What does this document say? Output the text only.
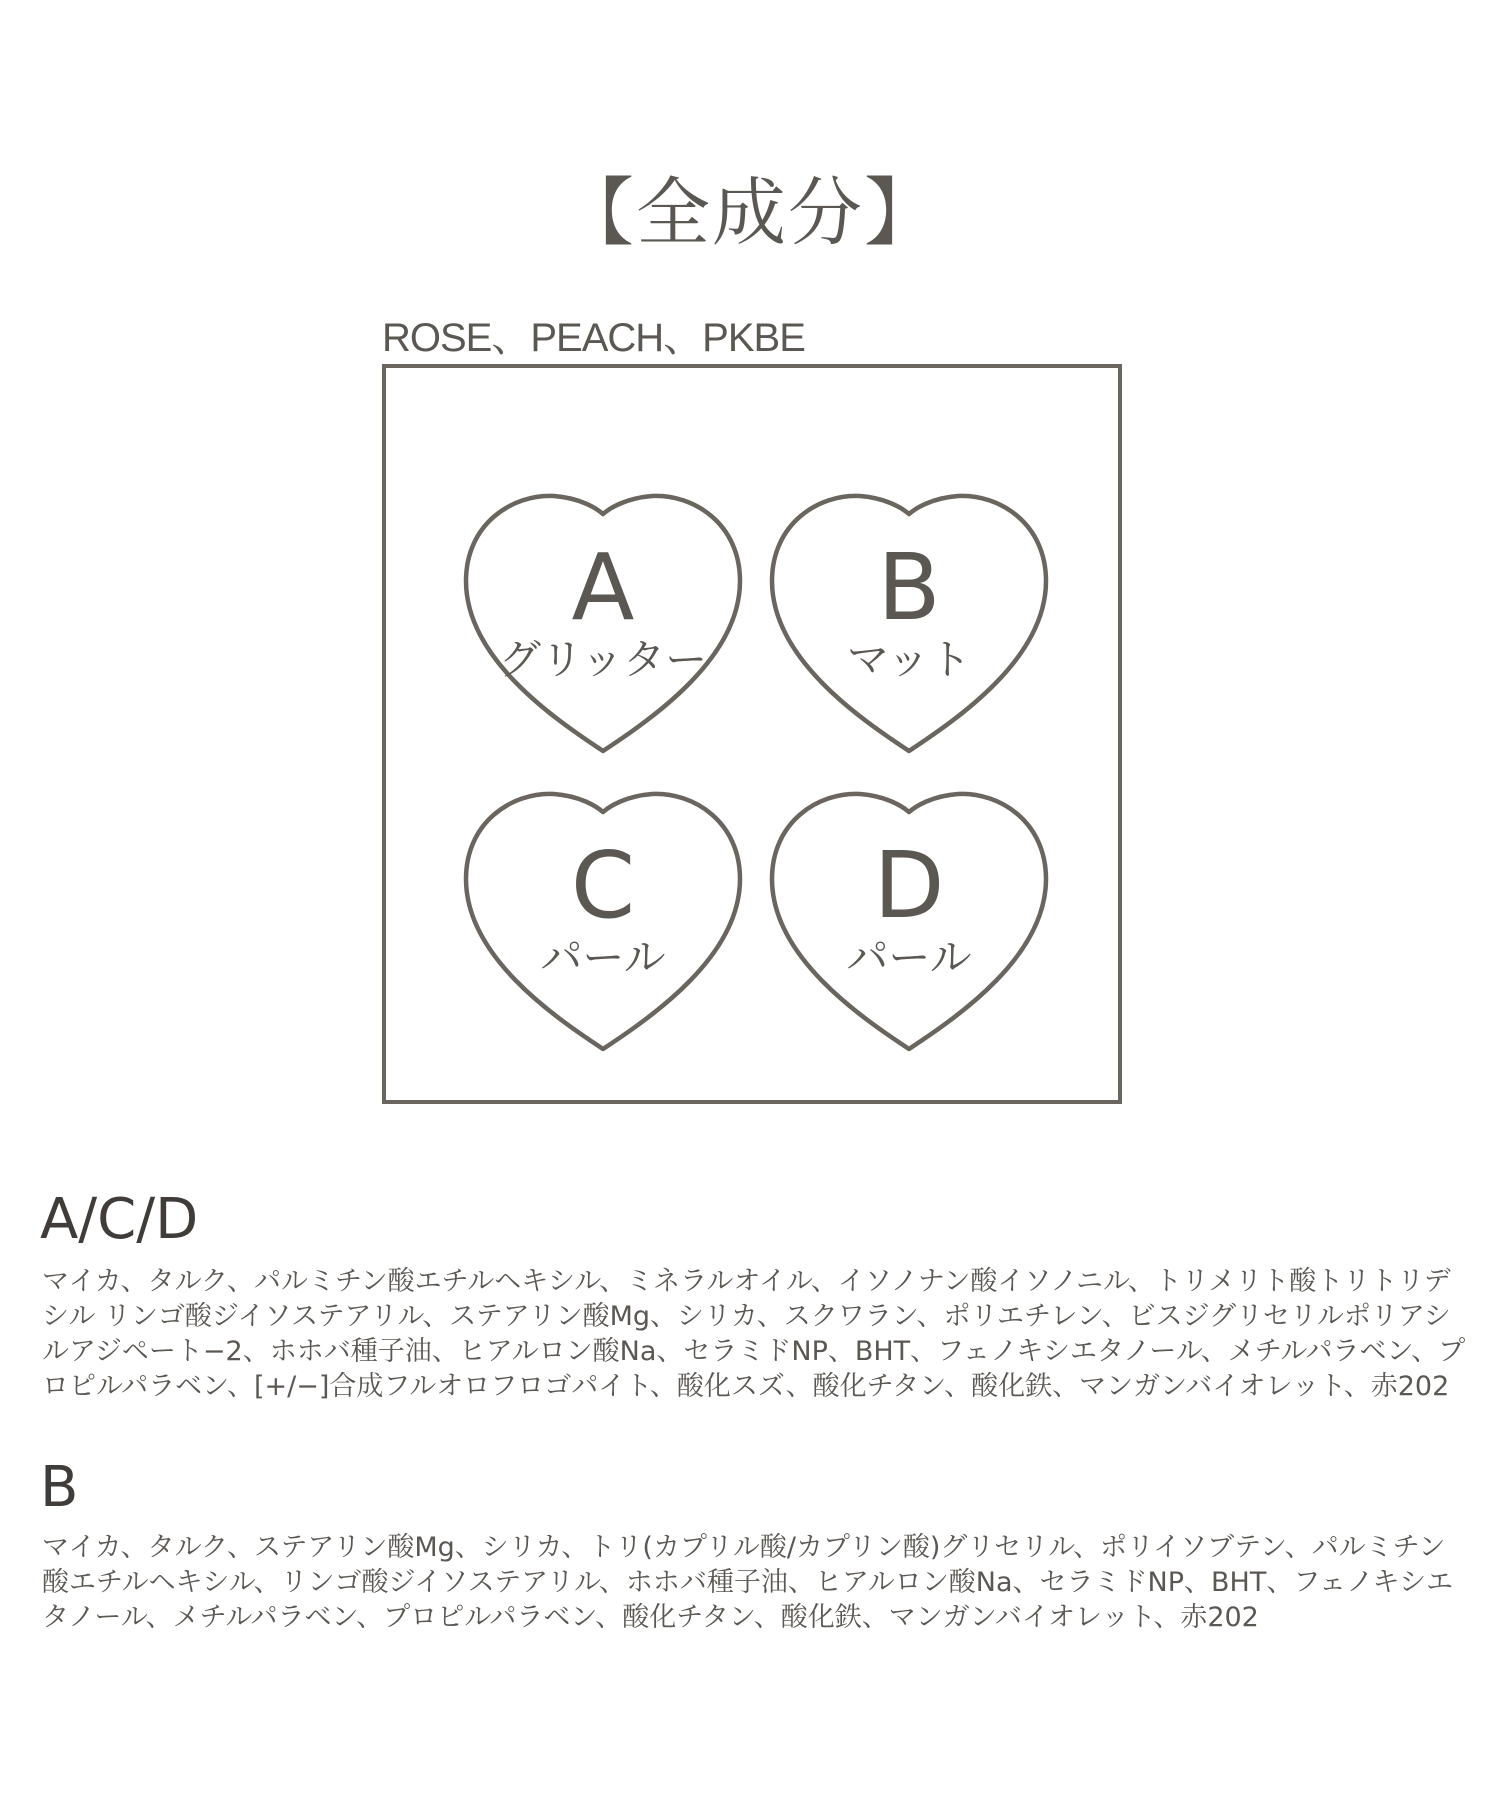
【全成分】
ROSE、PEACH、PKBE
A
グリッター
B
マット
C
パール
D
パール
A/C/D
マイカ、タルク、パルミチン酸エチルヘキシル、ミネラルオイル、イソノナン酸イソノニル、トリメリト酸トリトリデシル リンゴ酸ジイソステアリル、ステアリン酸Mg、シリカ、スクワラン、ポリエチレン、ビスジグリセリルポリアシルアジペート−2、ホホバ種子油、ヒアルロン酸Na、セラミドNP、BHT、フェノキシエタノール、メチルパラベン、プロピルパラベン、[+/−]合成フルオロフロゴパイト、酸化スズ、酸化チタン、酸化鉄、マンガンバイオレット、赤202
B
マイカ、タルク、ステアリン酸Mg、シリカ、トリ(カプリル酸/カプリン酸)グリセリル、ポリイソブテン、パルミチン酸エチルヘキシル、リンゴ酸ジイソステアリル、ホホバ種子油、ヒアルロン酸Na、セラミドNP、BHT、フェノキシエタノール、メチルパラベン、プロピルパラベン、酸化チタン、酸化鉄、マンガンバイオレット、赤202
